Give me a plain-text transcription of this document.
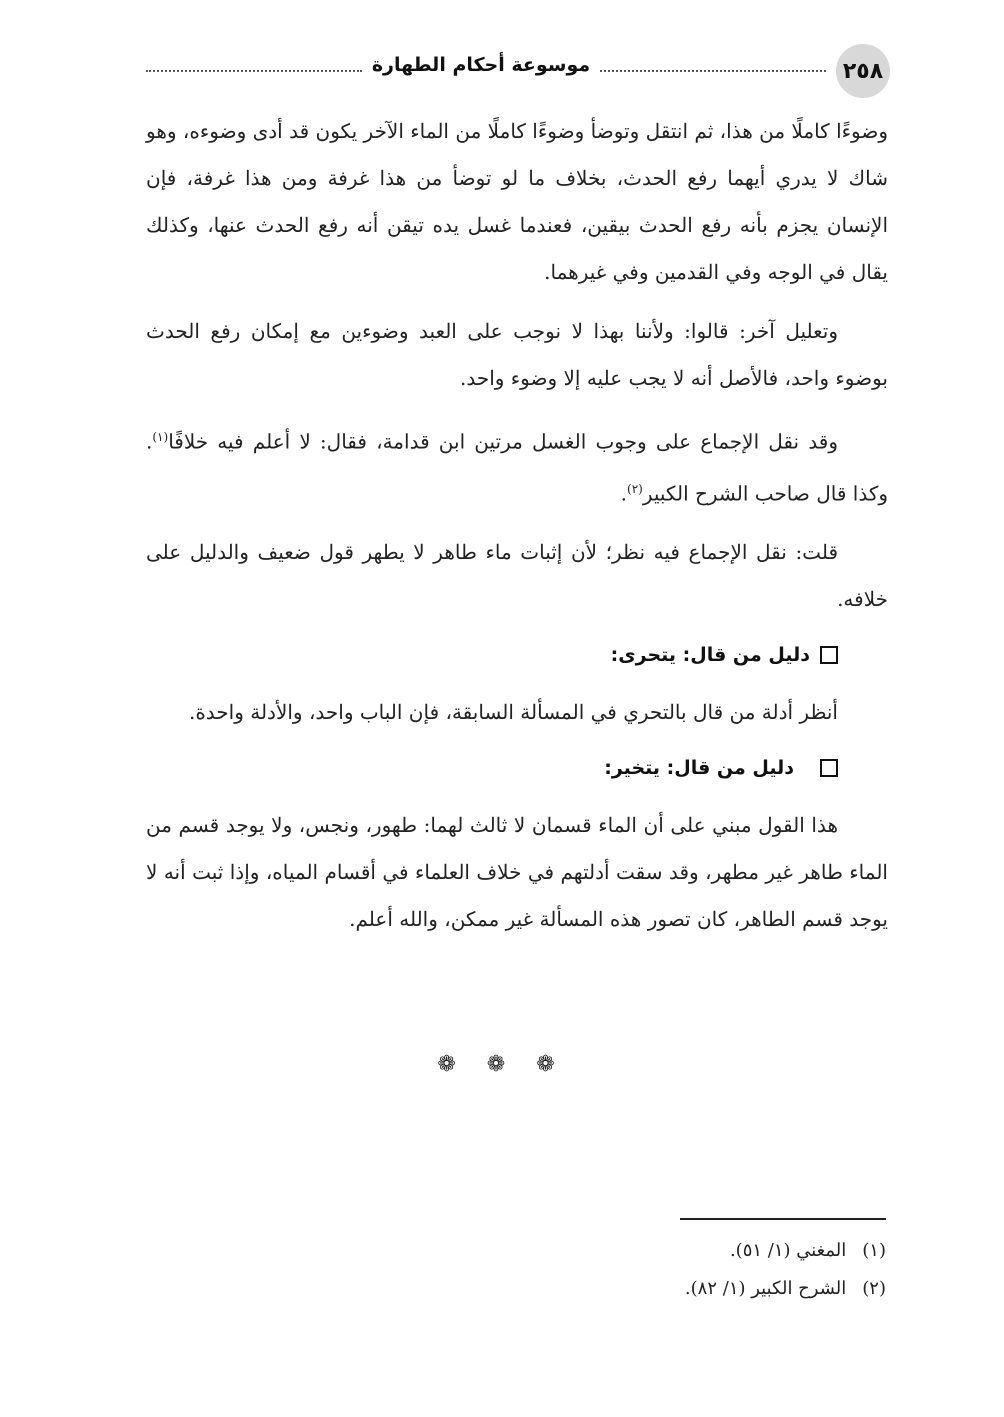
٢٥٨
موسوعة أحكام الطهارة

وضوءًا كاملًا من هذا، ثم انتقل وتوضأ وضوءًا كاملًا من الماء الآخر يكون قد أدى وضوءه، وهو شاك لا يدري أيهما رفع الحدث، بخلاف ما لو توضأ من هذا غرفة ومن هذا غرفة، فإن الإنسان يجزم بأنه رفع الحدث بيقين، فعندما غسل يده تيقن أنه رفع الحدث عنها، وكذلك يقال في الوجه وفي القدمين وفي غيرهما.

وتعليل آخر: قالوا: ولأننا بهذا لا نوجب على العبد وضوءين مع إمكان رفع الحدث بوضوء واحد، فالأصل أنه لا يجب عليه إلا وضوء واحد.

وقد نقل الإجماع على وجوب الغسل مرتين ابن قدامة، فقال: لا أعلم فيه خلافًا$^{(١)}$. وكذا قال صاحب الشرح الكبير$^{(٢)}$.

قلت: نقل الإجماع فيه نظر؛ لأن إثبات ماء طاهر لا يطهر قول ضعيف والدليل على خلافه.

دليل من قال: يتحرى:

أنظر أدلة من قال بالتحري في المسألة السابقة، فإن الباب واحد، والأدلة واحدة.

دليل من قال: يتخير:

هذا القول مبني على أن الماء قسمان لا ثالث لهما: طهور، ونجس، ولا يوجد قسم من الماء طاهر غير مطهر، وقد سقت أدلتهم في خلاف العلماء في أقسام المياه، وإذا ثبت أنه لا يوجد قسم الطاهر، كان تصور هذه المسألة غير ممكن، والله أعلم.

❁ ❁ ❁
(١)
المغني (١/ ٥١).
(٢)
الشرح الكبير (١/ ٨٢).
